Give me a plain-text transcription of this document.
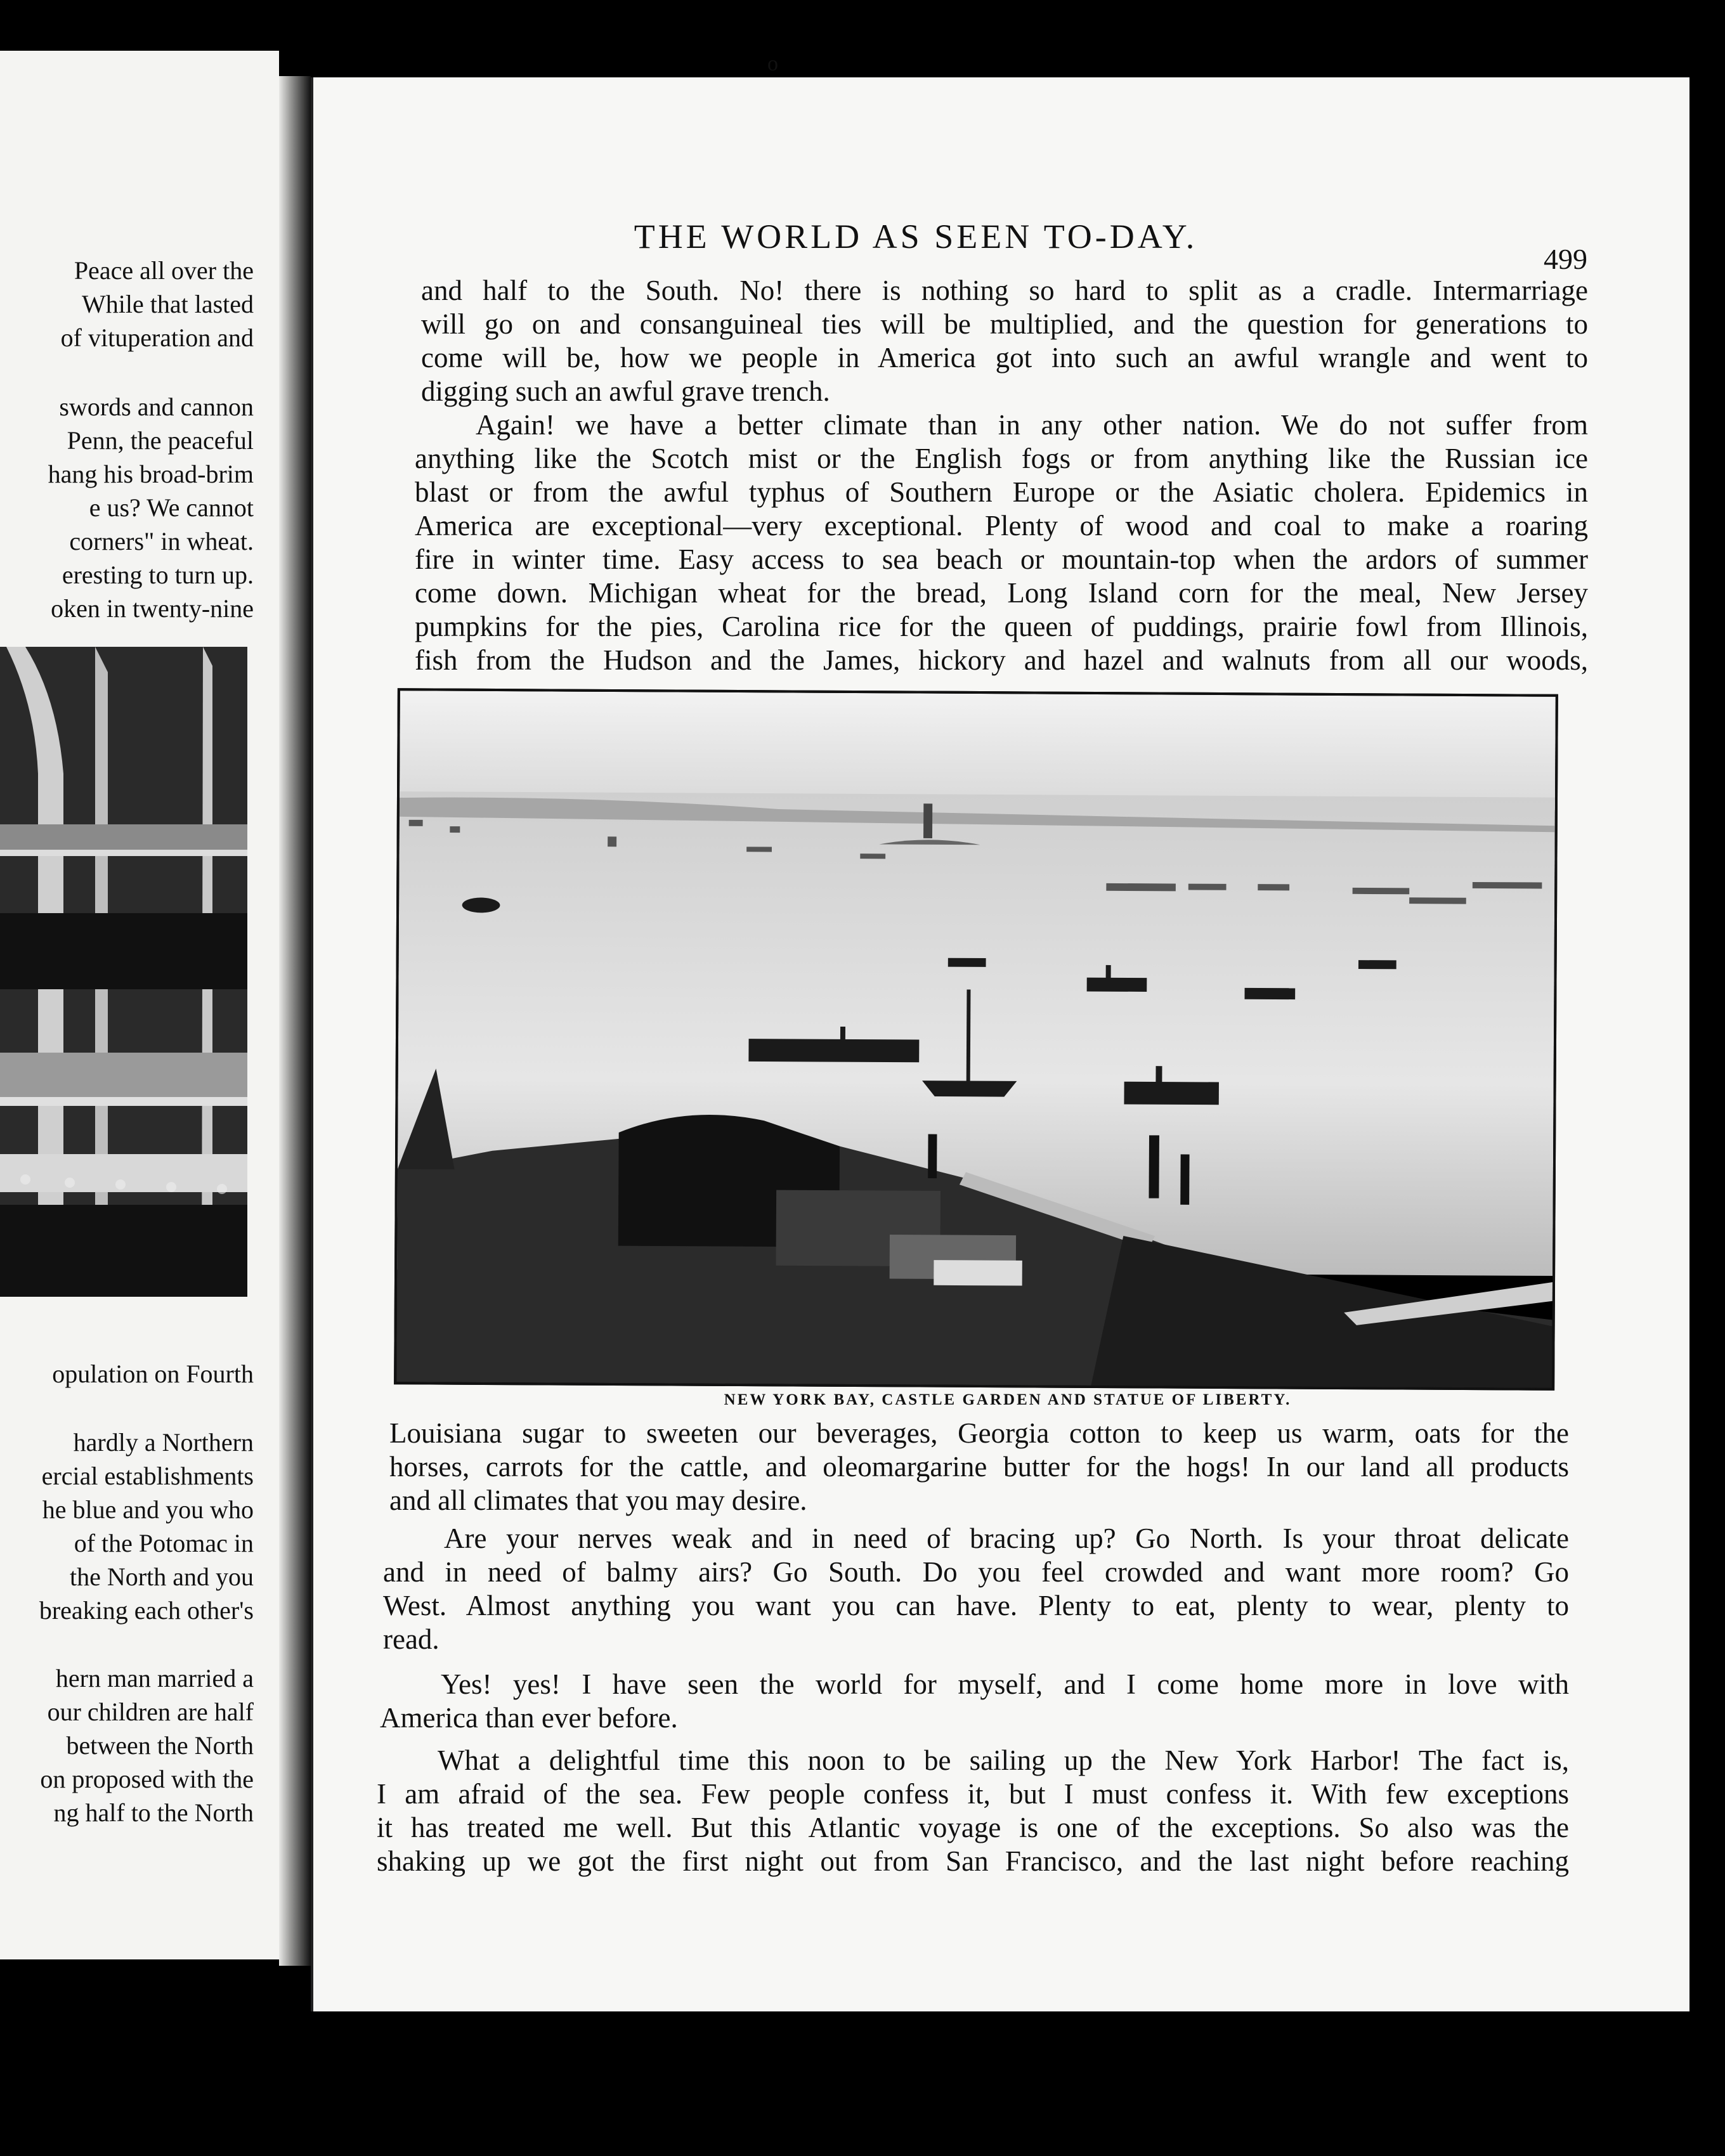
o
Peace all over the
While that lasted
of vituperation and
swords and cannon
Penn, the peaceful
hang his broad-brim
e us? We cannot
corners" in wheat.
eresting to turn up.
oken in twenty-nine
opulation on Fourth
hardly a Northern
ercial establishments
he blue and you who
of the Potomac in
the North and you
breaking each other's
hern man married a
our children are half
between the North
on proposed with the
ng half to the North
THE WORLD AS SEEN TO-DAY.
499
and half to the South. No! there is nothing so hard to split as a cradle. Intermarriage
will go on and consanguineal ties will be multiplied, and the question for generations to
come will be, how we people in America got into such an awful wrangle and went to
digging such an awful grave trench.
Again! we have a better climate than in any other nation. We do not suffer from
anything like the Scotch mist or the English fogs or from anything like the Russian ice
blast or from the awful typhus of Southern Europe or the Asiatic cholera. Epidemics in
America are exceptional—very exceptional. Plenty of wood and coal to make a roaring
fire in winter time. Easy access to sea beach or mountain-top when the ardors of summer
come down. Michigan wheat for the bread, Long Island corn for the meal, New Jersey
pumpkins for the pies, Carolina rice for the queen of puddings, prairie fowl from Illinois,
fish from the Hudson and the James, hickory and hazel and walnuts from all our woods,
NEW YORK BAY, CASTLE GARDEN AND STATUE OF LIBERTY.
Louisiana sugar to sweeten our beverages, Georgia cotton to keep us warm, oats for the
horses, carrots for the cattle, and oleomargarine butter for the hogs! In our land all products
and all climates that you may desire.
Are your nerves weak and in need of bracing up? Go North. Is your throat delicate
and in need of balmy airs? Go South. Do you feel crowded and want more room? Go
West. Almost anything you want you can have. Plenty to eat, plenty to wear, plenty to
read.
Yes! yes! I have seen the world for myself, and I come home more in love with
America than ever before.
What a delightful time this noon to be sailing up the New York Harbor! The fact is,
I am afraid of the sea. Few people confess it, but I must confess it. With few exceptions
it has treated me well. But this Atlantic voyage is one of the exceptions. So also was the
shaking up we got the first night out from San Francisco, and the last night before reaching
